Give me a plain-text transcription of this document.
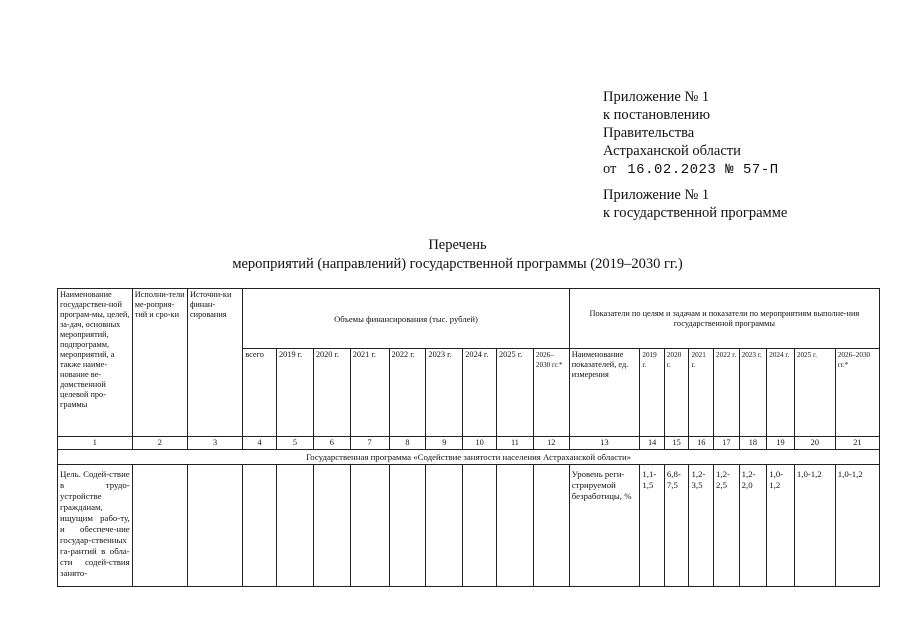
Приложение № 1
к постановлению
Правительства
Астраханской области
от 16.02.2023 № 57-П
Приложение № 1
к государственной программе
Перечень
мероприятий (направлений) государственной программы (2019–2030 гг.)
Наименование государствен-ной програм-мы, целей, за-дач, основных мероприятий, подпрограмм, мероприятий, а также наиме-нование ве-домственной целевой про-граммы	Исполни-тели ме-роприя-тий и сро-ки	Источни-ки финан-сирования	Объемы финансирования (тыс. рублей)									Показатели по целям и задачам и показатели по мероприятиям выполне-ния государственной программы								
			всего	2019 г.	2020 г.	2021 г.	2022 г.	2023 г.	2024 г.	2025 г.	2026–2030 гг.*	Наименование показателей, ед. измерения	2019 г.	2020 г.	2021 г.	2022 г.	2023 г.	2024 г.	2025 г.	2026–2030 гг.*
1	2	3	4	5	6	7	8	9	10	11	12	13	14	15	16	17	18	19	20	21
Государственная программа «Содействие занятости населения Астраханской области»																				
Цель. Содей-ствие в трудо-устройстве гражданам, ищущим рабо-ту, и обеспече-ние государ-ственных га-рантий в обла-сти содей-ствия занято-												Уровень реги-стрируемой безработицы, %	1,1-1,5	6,8-7,5	1,2-3,5	1,2-2,5	1,2-2,0	1,0-1,2	1,0-1,2	1,0-1,2
